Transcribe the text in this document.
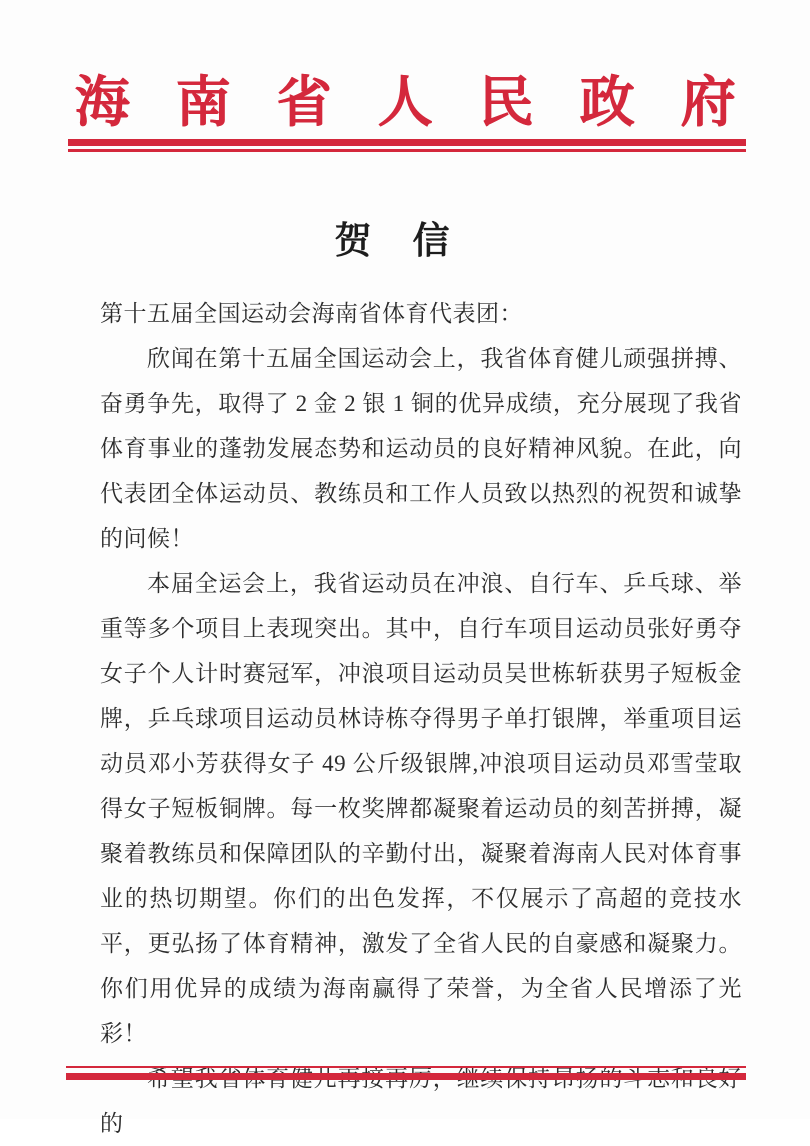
海南省人民政府
贺　信

第十五届全国运动会海南省体育代表团：

欣闻在第十五届全国运动会上，我省体育健儿顽强拼搏、奋勇争先，取得了 2 金 2 银 1 铜的优异成绩，充分展现了我省体育事业的蓬勃发展态势和运动员的良好精神风貌。在此，向代表团全体运动员、教练员和工作人员致以热烈的祝贺和诚挚的问候！

本届全运会上，我省运动员在冲浪、自行车、乒乓球、举重等多个项目上表现突出。其中，自行车项目运动员张好勇夺女子个人计时赛冠军，冲浪项目运动员吴世栋斩获男子短板金牌，乒乓球项目运动员林诗栋夺得男子单打银牌，举重项目运动员邓小芳获得女子 49 公斤级银牌,冲浪项目运动员邓雪莹取得女子短板铜牌。每一枚奖牌都凝聚着运动员的刻苦拼搏，凝聚着教练员和保障团队的辛勤付出，凝聚着海南人民对体育事业的热切期望。你们的出色发挥，不仅展示了高超的竞技水平，更弘扬了体育精神，激发了全省人民的自豪感和凝聚力。你们用优异的成绩为海南赢得了荣誉，为全省人民增添了光彩！

的
